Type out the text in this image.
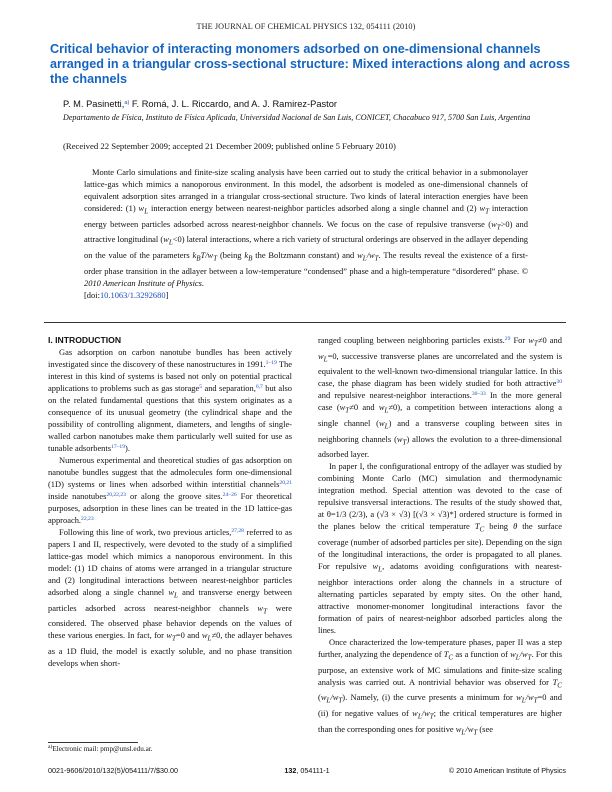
THE JOURNAL OF CHEMICAL PHYSICS 132, 054111 (2010)
Critical behavior of interacting monomers adsorbed on one-dimensional channels arranged in a triangular cross-sectional structure: Mixed interactions along and across the channels
P. M. Pasinetti,$^{a)}$ F. Romá, J. L. Riccardo, and A. J. Ramirez-Pastor
Departamento de Física, Instituto de Física Aplicada, Universidad Nacional de San Luis, CONICET, Chacabuco 917, 5700 San Luis, Argentina
(Received 22 September 2009; accepted 21 December 2009; published online 5 February 2010)

Monte Carlo simulations and finite-size scaling analysis have been carried out to study the critical behavior in a submonolayer lattice-gas which mimics a nanoporous environment. In this model, the adsorbent is modeled as one-dimensional channels of equivalent adsorption sites arranged in a triangular cross-sectional structure. Two kinds of lateral interaction energies have been considered: (1) $w_L$ interaction energy between nearest-neighbor particles adsorbed along a single channel and (2) $w_T$ interaction energy between particles adsorbed across nearest-neighbor channels. We focus on the case of repulsive transverse $(w_T>0)$ and attractive longitudinal $(w_L<0)$ lateral interactions, where a rich variety of structural orderings are observed in the adlayer depending on the value of the parameters $k_BT/w_T$ (being $k_B$ the Boltzmann constant) and $w_L/w_T$. The results reveal the existence of a first-order phase transition in the adlayer between a low-temperature “condensed” phase and a high-temperature “disordered” phase. © 2010 American Institute of Physics.
[doi:10.1063/1.3292680]

I. INTRODUCTION

Gas adsorption on carbon nanotube bundles has been actively investigated since the discovery of these nanostructures in 1991.$^{1-19}$ The interest in this kind of systems is based not only on potential practical applications to problems such as gas storage$^5$ and separation,$^{6,7}$ but also on the related fundamental questions that this system originates as a consequence of its unusual geometry (the cylindrical shape and the possibility of controlling alignment, diameters, and lengths of single-walled carbon nanotubes make them particularly well suited for use as tunable adsorbents$^{17-19}$).

Numerous experimental and theoretical studies of gas adsorption on nanotube bundles suggest that the admolecules form one-dimensional (1D) systems or lines when adsorbed within interstitial channels$^{20,21}$ inside nanotubes$^{20,22,23}$ or along the groove sites.$^{24-26}$ For theoretical purposes, adsorption in these lines can be treated in the 1D lattice-gas approach.$^{22,23}$

Following this line of work, two previous articles,$^{27,28}$ referred to as papers I and II, respectively, were devoted to the study of a simplified lattice-gas model which mimics a nanoporous environment. In this model: (1) 1D chains of atoms were arranged in a triangular structure and (2) longitudinal interactions between nearest-neighbor particles adsorbed along a single channel $w_L$ and transverse energy between particles adsorbed across nearest-neighbor channels $w_T$ were considered. The observed phase behavior depends on the values of these various energies. In fact, for $w_T=0$ and $w_L\ne 0$, the adlayer behaves as a 1D fluid, the model is exactly soluble, and no phase transition develops when short-

ranged coupling between neighboring particles exists.$^{29}$ For $w_T\ne 0$ and $w_L=0$, successive transverse planes are uncorrelated and the system is equivalent to the well-known two-dimensional triangular lattice. In this case, the phase diagram has been widely studied for both attractive$^{30}$ and repulsive nearest-neighbor interactions.$^{30-33}$ In the more general case ($w_T\ne 0$ and $w_L\ne 0$), a competition between interactions along a single channel $(w_L)$ and a transverse coupling between sites in neighboring channels $(w_T)$ allows the evolution to a three-dimensional adsorbed layer.

In paper I, the configurational entropy of the adlayer was studied by combining Monte Carlo (MC) simulation and thermodynamic integration method. Special attention was devoted to the case of repulsive transversal interactions. The results of the study showed that, at θ=1/3 (2/3), a (√3 × √3) [(√3 × √3)*] ordered structure is formed in the planes below the critical temperature $T_C$ being θ the surface coverage (number of adsorbed particles per site). Depending on the sign of the longitudinal interactions, the order is propagated to all planes. For repulsive $w_L$, adatoms avoiding configurations with nearest-neighbor interactions order along the channels in a structure of alternating particles separated by empty sites. On the other hand, attractive monomer-monomer longitudinal interactions favor the formation of pairs of nearest-neighbor adsorbed particles along the lines.

Once characterized the low-temperature phases, paper II was a step further, analyzing the dependence of $T_C$ as a function of $w_L/w_T$. For this purpose, an extensive work of MC simulations and finite-size scaling analysis was carried out. A nontrivial behavior was observed for $T_C$ $(w_L/w_T)$. Namely, (i) the curve presents a minimum for $w_L/w_T=0$ and (ii) for negative values of $w_L/w_T$; the critical temperatures are higher than the corresponding ones for positive $w_L/w_T$ (see

$^{a)}$Electronic mail: pmp@unsl.edu.ar.
0021-9606/2010/132(5)/054111/7/$30.00	132, 054111-1	© 2010 American Institute of Physics
